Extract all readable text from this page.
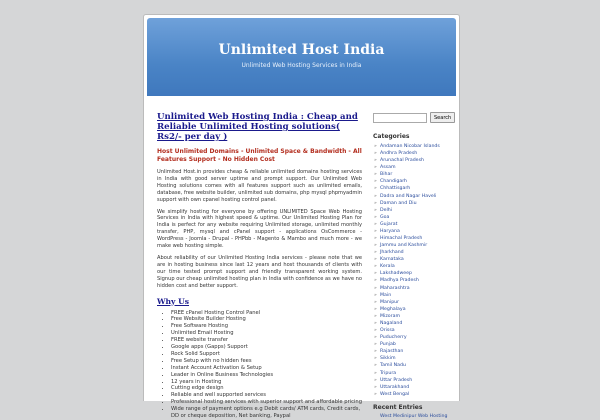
Unlimited Host India
Unlimited Web Hosting Services in India
Unlimited Web Hosting India : Cheap and Reliable Unlimited Hosting solutions( Rs2/- per day )
Host Unlimited Domains - Unlimited Space & Bandwidth - All Features Support - No Hidden Cost

Unlimited Host.in provides cheap & reliable unlimited domains hosting services in India with good server uptime and prompt support. Our Unlimited Web Hosting solutions comes with all features support such as unlimited emails, database, free website builder, unlimited sub domains, php mysql phpmyadmin support with own cpanel hosting control panel.

We simplify hosting for everyone by offering UNLIMITED Space Web Hosting Services in India with highest speed & uptime. Our Unlimited Hosting Plan for India is perfect for any website requiring Unlimited storage, unlimited monthly transfer, PHP, mysql and cPanel support - applications OsCommerce - WordPress - Joomla - Drupal - PHPbb - Magento & Mambo and much more - we make web hosting simple.

About reliability of our Unlimited Hosting India services - please note that we are in hosting business since last 12 years and host thousands of clients with our time tested prompt support and friendly transparent working system. Signup our cheap unlimited hosting plan in India with confidence as we have no hidden cost and better support.

Why Us
• FREE cPanel Hosting Control Panel
• Free Website Builder Hosting
• Free Software Hosting
• Unlimited Email Hosting
• FREE website transfer
• Google apps (Gapps) Support
• Rock Solid Support
• Free Setup with no hidden fees
• Instant Account Activation & Setup
• Leader in Online Business Technologies
• 12 years in Hosting
• Cutting edge design
• Reliable and well supported services
• Professional hosting services with superior support and affordable pricing
• Wide range of payment options e.g Debit cards/ ATM cards, Credit cards, DD or cheque deposition, Net banking, Paypal
Search
Categories
» Andaman Nicobar Islands
» Andhra Pradesh
» Arunachal Pradesh
» Assam
» Bihar
» Chandigarh
» Chhattisgarh
» Dadra and Nagar Haveli
» Daman and Diu
» Delhi
» Goa
» Gujarat
» Haryana
» Himachal Pradesh
» Jammu and Kashmir
» Jharkhand
» Karnataka
» Kerala
» Lakshadweep
» Madhya Pradesh
» Maharashtra
» Main
» Manipur
» Meghalaya
» Mizoram
» Nagaland
» Orissa
» Puducherry
» Punjab
» Rajasthan
» Sikkim
» Tamil Nadu
» Tripura
» Uttar Pradesh
» Uttarakhand
» West Bengal
Recent Entries
West Medinipur Web Hosting
